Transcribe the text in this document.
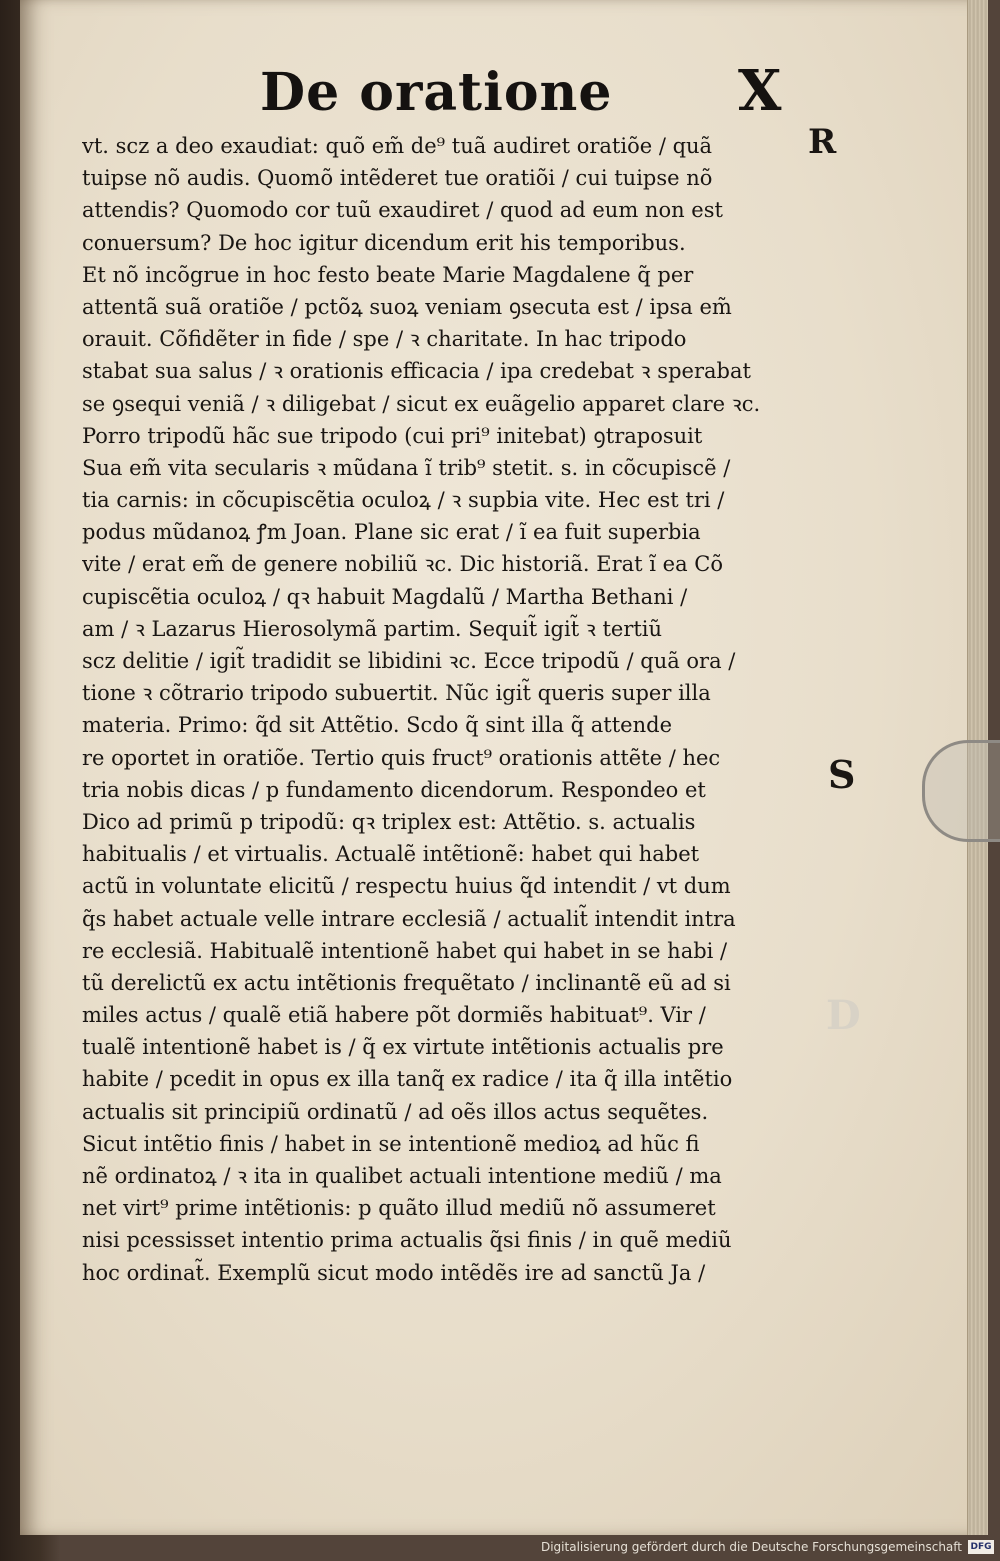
De oratione X
vt. scz a deo exaudiat: quõ em̃ de⁹ tuã audiret oratiõe / quã
tuipse nõ audis. Quomõ intẽderet tue oratiõi / cui tuipse nõ
attendis? Quomodo cor tuũ exaudiret / quod ad eum non est
conuersum? De hoc igitur dicendum erit his temporibus.
Et nõ incõgrue in hoc festo beate Marie Magdalene q̃ per
attentã suã oratiõe / pctõꝝ suoꝝ veniam ꝯsecuta est / ipsa em̃
orauit. Cõfidẽter in fide / spe / ꝛ charitate. In hac tripodo
stabat sua salus / ꝛ orationis efficacia / ipa credebat ꝛ sperabat
se ꝯsequi veniã / ꝛ diligebat / sicut ex euãgelio apparet clare ꝛc.
Porro tripodũ hãc sue tripodo (cui pri⁹ initebat) ꝯtraposuit
Sua em̃ vita secularis ꝛ mũdana ĩ trib⁹ stetit. s. in cõcupiscẽ /
tia carnis: in cõcupiscẽtia oculoꝝ / ꝛ supbia vite. Hec est tri /
podus mũdanoꝝ ꝭm Joan. Plane sic erat / ĩ ea fuit superbia
vite / erat em̃ de genere nobiliũ ꝛc. Dic historiã. Erat ĩ ea Cõ
cupiscẽtia oculoꝝ / qꝛ habuit Magdalũ / Martha Bethani /
am / ꝛ Lazarus Hierosolymã partim. Sequit̃ igit̃ ꝛ tertiũ
scz delitie / igit̃ tradidit se libidini ꝛc. Ecce tripodũ / quã ora /
tione ꝛ cõtrario tripodo subuertit. Nũc igit̃ queris super illa
materia. Primo: q̃d sit Attẽtio. Scdo q̃ sint illa q̃ attende
re oportet in oratiõe. Tertio quis fruct⁹ orationis attẽte / hec
tria nobis dicas / p fundamento dicendorum. Respondeo et
Dico ad primũ p tripodũ: qꝛ triplex est: Attẽtio. s. actualis
habitualis / et virtualis. Actualẽ intẽtionẽ: habet qui habet
actũ in voluntate elicitũ / respectu huius q̃d intendit / vt dum
q̃s habet actuale velle intrare ecclesiã / actualit̃ intendit intra
re ecclesiã. Habitualẽ intentionẽ habet qui habet in se habi /
tũ derelictũ ex actu intẽtionis frequẽtato / inclinantẽ eũ ad si
miles actus / qualẽ etiã habere põt dormiẽs habituat⁹. Vir /
tualẽ intentionẽ habet is / q̃ ex virtute intẽtionis actualis pre
habite / pcedit in opus ex illa tanq̃ ex radice / ita q̃ illa intẽtio
actualis sit principiũ ordinatũ / ad oẽs illos actus sequẽtes.
Sicut intẽtio finis / habet in se intentionẽ medioꝝ ad hũc fi
nẽ ordinatoꝝ / ꝛ ita in qualibet actuali intentione mediũ / ma
net virt⁹ prime intẽtionis: p quãto illud mediũ nõ assumeret
nisi pcessisset intentio prima actualis q̃si finis / in quẽ mediũ
hoc ordinat̃. Exemplũ sicut modo intẽdẽs ire ad sanctũ Ja /
R
S
D
Digitalisierung gefördert durch die Deutsche Forschungsgemeinschaft DFG
